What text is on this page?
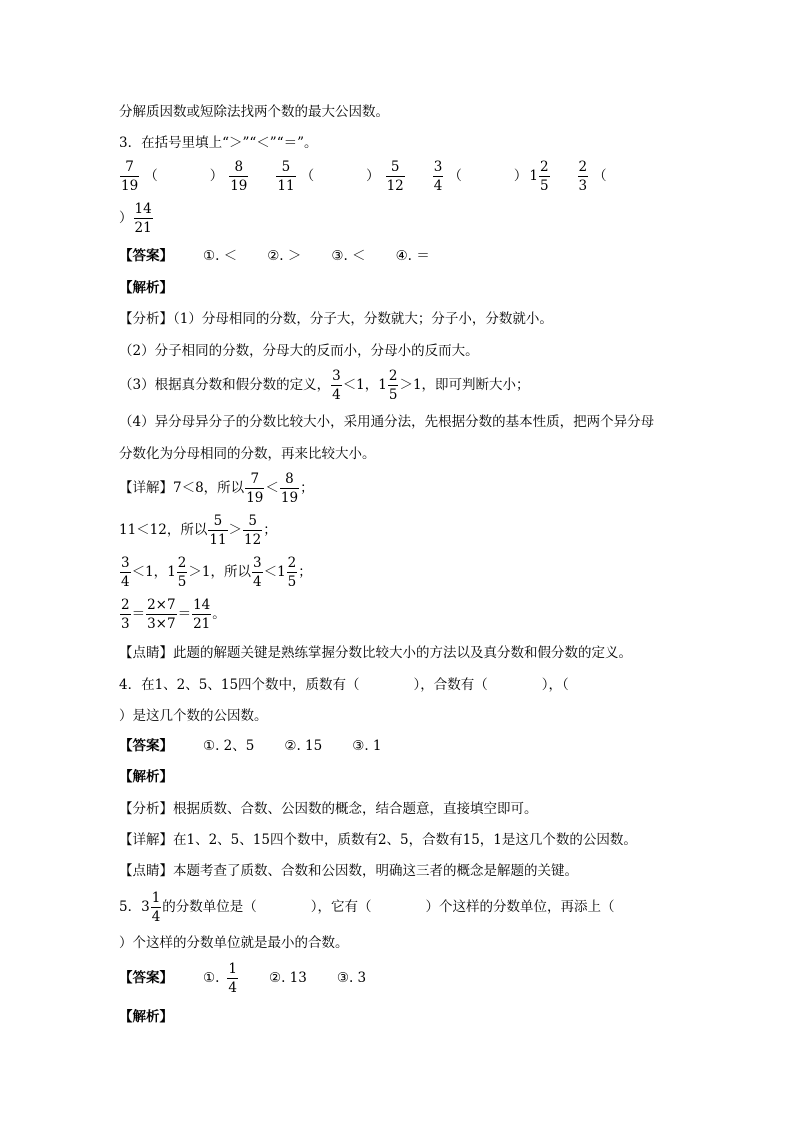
分解质因数或短除法找两个数的最大公因数。
3．在括号里填上“＞”“＜”“＝”。
$\frac{7}{19}$ （	） $\frac{8}{19} \frac{5}{11}$ （	） $\frac{5}{12} \frac{3}{4}$ （	） $1 \frac{2}{5} \frac{2}{3}$ （
） $\frac{14}{21}$
【答案】 ①. ＜ ②. ＞ ③. ＜ ④. ＝
【解析】
【分析】（1）分母相同的分数，分子大，分数就大；分子小，分数就小。
（2）分子相同的分数，分母大的反而小，分母小的反而大。
（3）根据真分数和假分数的定义， $\frac{3}{4} <1$，$1 \frac{2}{5} >1$，即可判断大小；
（4）异分母异分子的分数比较大小，采用通分法，先根据分数的基本性质，把两个异分母
分数化为分母相同的分数，再来比较大小。
【详解】7＜8，所以 $\frac{7}{19} < \frac{8}{19}$ ；
11＜12，所以 $\frac{5}{11} > \frac{5}{12}$ ；
$\frac{3}{4} <1$，$1 \frac{2}{5} >1$，所以 $\frac{3}{4} <1 \frac{2}{5}$ ；
$\frac{2}{3} = \frac{2\times 7}{3\times 7} = \frac{14}{21}$ 。
【点睛】此题的解题关键是熟练掌握分数比较大小的方法以及真分数和假分数的定义。
4．在1、2、5、15四个数中，质数有（　　　　），合数有（　　　　），（
）是这几个数的公因数。
【答案】 ①. 2、5 ②. 15 ③. 1
【解析】
【分析】根据质数、合数、公因数的概念，结合题意，直接填空即可。
【详解】在1、2、5、15四个数中，质数有2、5，合数有15，1是这几个数的公因数。
【点睛】本题考查了质数、合数和公因数，明确这三者的概念是解题的关键。
5．$3 \frac{1}{4}$ 的分数单位是（　　　　），它有（　　　　）个这样的分数单位，再添上（
）个这样的分数单位就是最小的合数。
【答案】 ①. $\frac{1}{4}$ ②. 13 ③. 3
【解析】
